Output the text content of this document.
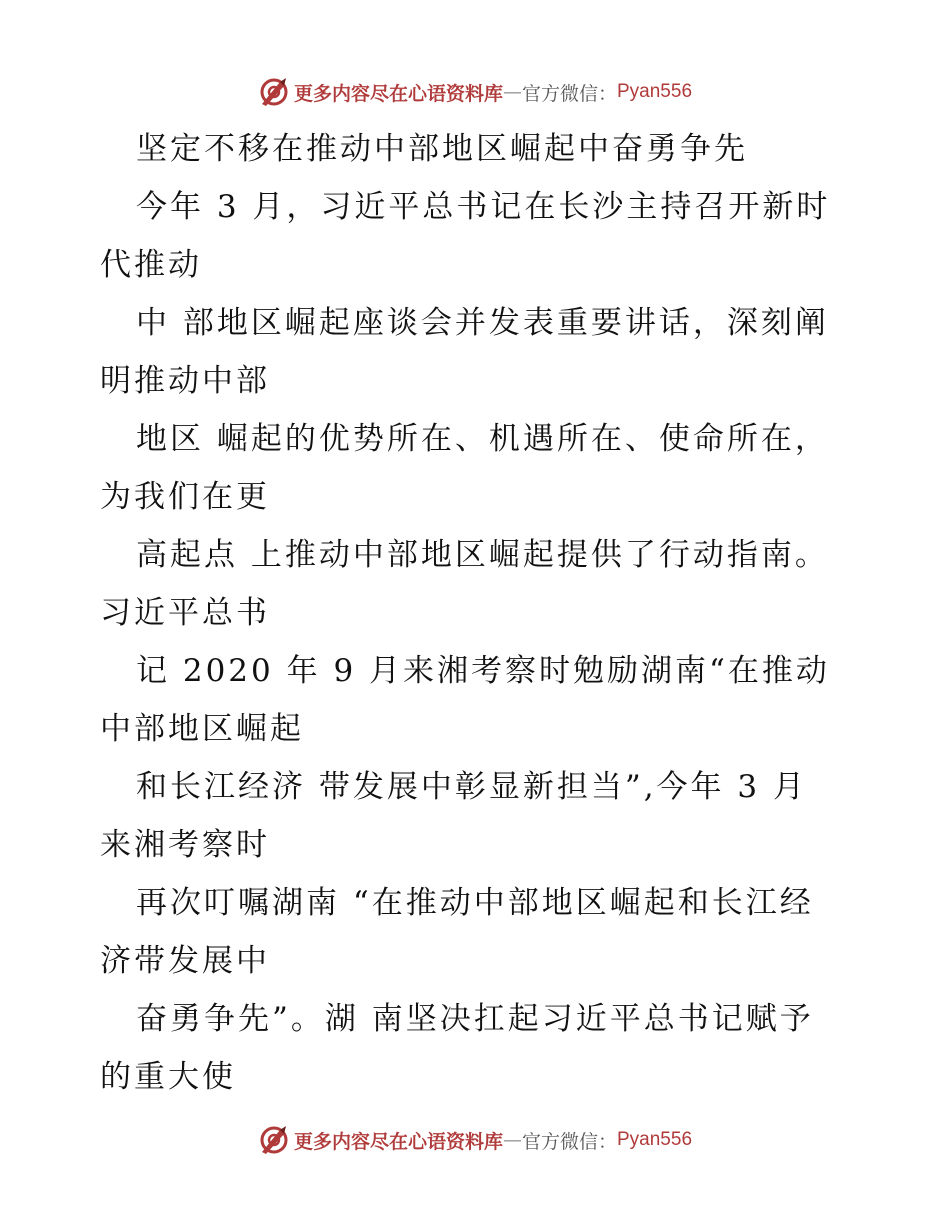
更多内容尽在心语资料库 — 官方微信： Pyan556
坚定不移在推动中部地区崛起中奋勇争先
今年 3 月，习近平总书记在长沙主持召开新时
代推动
中 部地区崛起座谈会并发表重要讲话，深刻阐
明推动中部
地区 崛起的优势所在、机遇所在、使命所在，
为我们在更
高起点 上推动中部地区崛起提供了行动指南。
习近平总书
记 2020 年 9 月来湘考察时勉励湖南“在推动
中部地区崛起
和长江经济 带发展中彰显新担当”,今年 3 月
来湘考察时
再次叮嘱湖南 “在推动中部地区崛起和长江经
济带发展中
奋勇争先”。湖 南坚决扛起习近平总书记赋予
的重大使
更多内容尽在心语资料库 — 官方微信： Pyan556
